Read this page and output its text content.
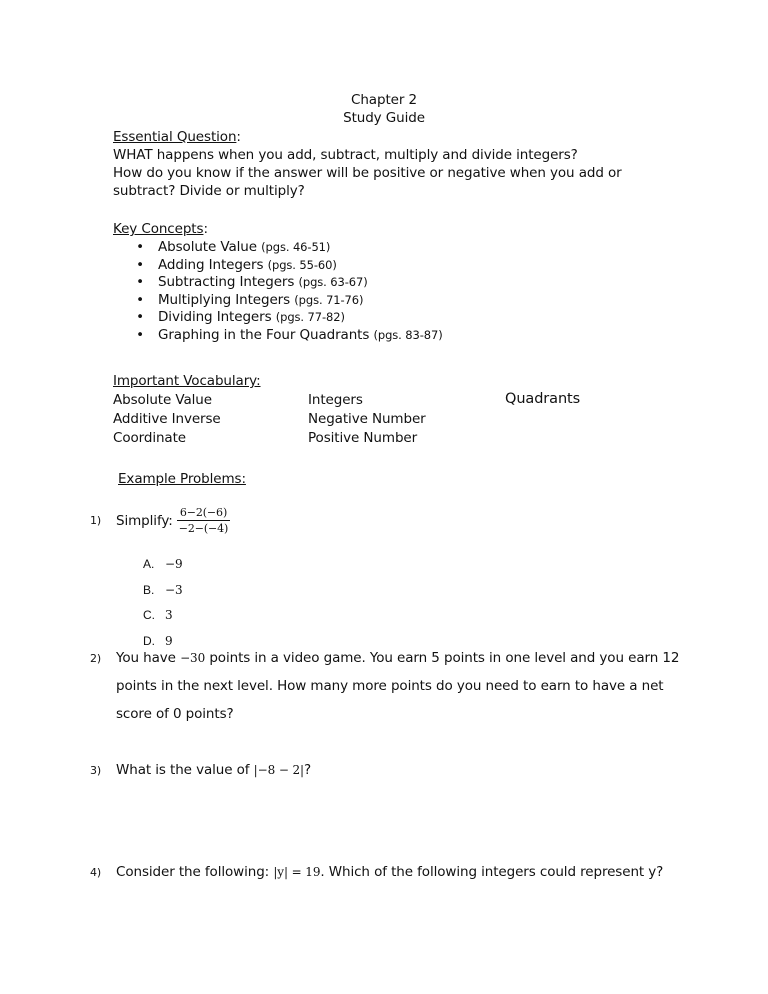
Chapter 2
Study Guide
Essential Question:
WHAT happens when you add, subtract, multiply and divide integers?
How do you know if the answer will be positive or negative when you add or
subtract? Divide or multiply?
Key Concepts:
• Absolute Value (pgs. 46-51)
• Adding Integers (pgs. 55-60)
• Subtracting Integers (pgs. 63-67)
• Multiplying Integers (pgs. 71-76)
• Dividing Integers (pgs. 77-82)
• Graphing in the Four Quadrants (pgs. 83-87)
Important Vocabulary:
Absolute Value
Additive Inverse
Coordinate
Integers
Negative Number
Positive Number
Quadrants
Example Problems:
1)	Simplify: $\frac{6-2(-6)}{-2-(-4)}$
A. −9
B. −3
C. 3
D. 9
2) You have −30 points in a video game. You earn 5 points in one level and you earn 12
points in the next level. How many more points do you need to earn to have a net
score of 0 points?
3) What is the value of |−8 − 2|?
4) Consider the following: |y| = 19. Which of the following integers could represent y?
